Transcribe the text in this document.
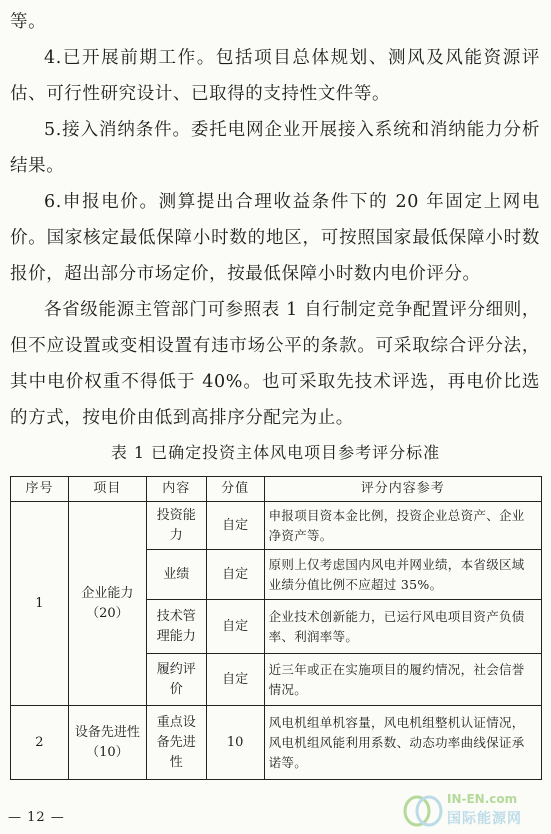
等。
4.已开展前期工作。包括项目总体规划、测风及风能资源评估、可行性研究设计、已取得的支持性文件等。
5.接入消纳条件。委托电网企业开展接入系统和消纳能力分析结果。
6.申报电价。测算提出合理收益条件下的 20 年固定上网电价。国家核定最低保障小时数的地区，可按照国家最低保障小时数报价，超出部分市场定价，按最低保障小时数内电价评分。
各省级能源主管部门可参照表 1 自行制定竞争配置评分细则，但不应设置或变相设置有违市场公平的条款。可采取综合评分法，其中电价权重不得低于 40%。也可采取先技术评选，再电价比选的方式，按电价由低到高排序分配完为止。
表 1 已确定投资主体风电项目参考评分标准
序号	项目	内容	分值	评分内容参考
1	企业能力（20）	投资能力	自定	申报项目资本金比例，投资企业总资产、企业净资产等。
		业绩	自定	原则上仅考虑国内风电并网业绩，本省级区域业绩分值比例不应超过 35%。
		技术管理能力	自定	企业技术创新能力，已运行风电项目资产负债率、利润率等。
		履约评价	自定	近三年或正在实施项目的履约情况，社会信誉情况。
2	设备先进性（10）	重点设备先进性	10	风电机组单机容量，风电机组整机认证情况，风电机组风能利用系数、动态功率曲线保证承诺等。
— 12 —
IN-EN.com
国际能源网
